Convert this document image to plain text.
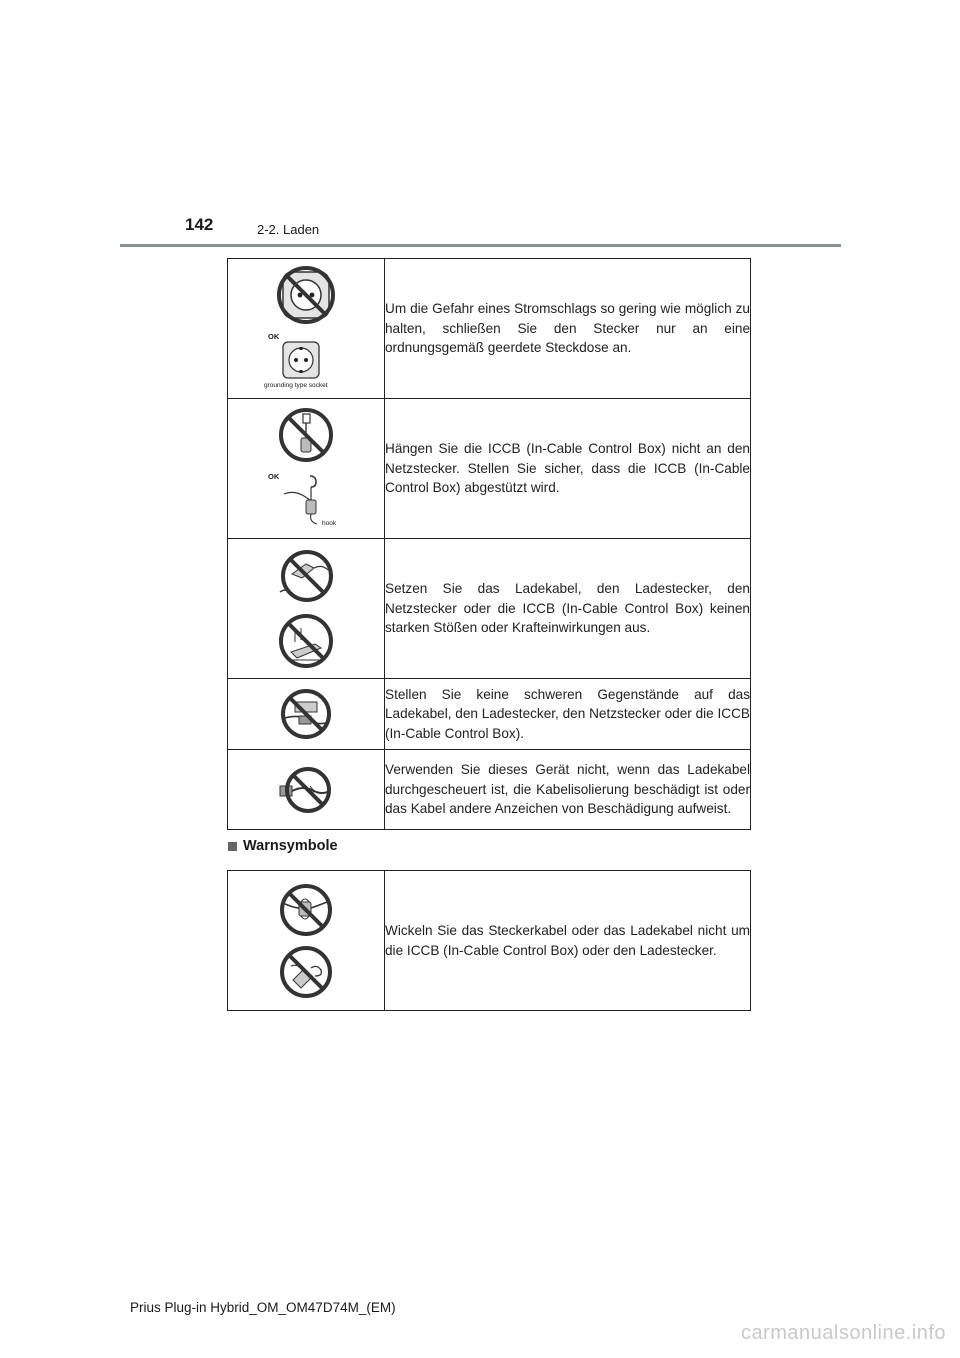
142	2-2. Laden
OK
grounding type socket	Um die Gefahr eines Stromschlags so gering wie möglich zu halten, schließen Sie den Stecker nur an eine ordnungsgemäß geerdete Steckdose an.

OK
hook	Hängen Sie die ICCB (In-Cable Control Box) nicht an den Netzstecker. Stellen Sie sicher, dass die ICCB (In-Cable Control Box) abgestützt wird.

	Setzen Sie das Ladekabel, den Ladestecker, den Netzstecker oder die ICCB (In-Cable Control Box) keinen starken Stößen oder Krafteinwirkungen aus.

	Stellen Sie keine schweren Gegenstände auf das Ladekabel, den Ladestecker, den Netzstecker oder die ICCB (In-Cable Control Box).

	Verwenden Sie dieses Gerät nicht, wenn das Ladekabel durchgescheuert ist, die Kabelisolierung beschädigt ist oder das Kabel andere Anzeichen von Beschädigung aufweist.
Warnsymbole
	Wickeln Sie das Steckerkabel oder das Ladekabel nicht um die ICCB (In-Cable Control Box) oder den Ladestecker.
Prius Plug-in Hybrid_OM_OM47D74M_(EM)
carmanualsonline.info
